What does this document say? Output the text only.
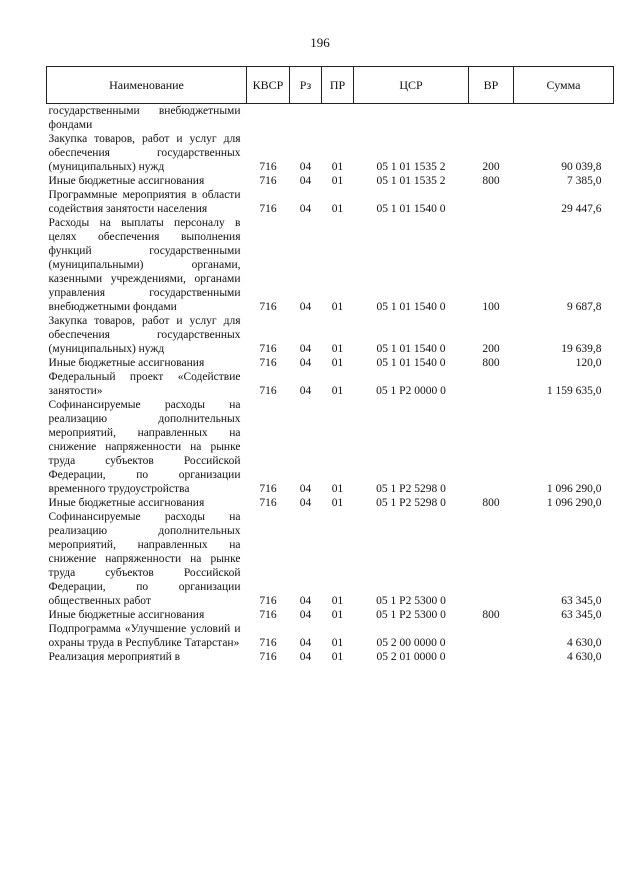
196
Наименование	КВСР	Рз	ПР	ЦСР	ВР	Сумма
государственными внебюджетными фондами						
Закупка товаров, работ и услуг для обеспечения государственных (муниципальных) нужд	716	04	01	05 1 01 1535 2	200	90 039,8
Иные бюджетные ассигнования	716	04	01	05 1 01 1535 2	800	7 385,0
Программные мероприятия в области содействия занятости населения	716	04	01	05 1 01 1540 0		29 447,6
Расходы на выплаты персоналу в целях обеспечения выполнения функций государственными (муниципальными) органами, казенными учреждениями, органами управления государственными внебюджетными фондами	716	04	01	05 1 01 1540 0	100	9 687,8
Закупка товаров, работ и услуг для обеспечения государственных (муниципальных) нужд	716	04	01	05 1 01 1540 0	200	19 639,8
Иные бюджетные ассигнования	716	04	01	05 1 01 1540 0	800	120,0
Федеральный проект «Содействие занятости»	716	04	01	05 1 P2 0000 0		1 159 635,0
Софинансируемые расходы на реализацию дополнительных мероприятий, направленных на снижение напряженности на рынке труда субъектов Российской Федерации, по организации временного трудоустройства	716	04	01	05 1 P2 5298 0		1 096 290,0
Иные бюджетные ассигнования	716	04	01	05 1 P2 5298 0	800	1 096 290,0
Софинансируемые расходы на реализацию дополнительных мероприятий, направленных на снижение напряженности на рынке труда субъектов Российской Федерации, по организации общественных работ	716	04	01	05 1 P2 5300 0		63 345,0
Иные бюджетные ассигнования	716	04	01	05 1 P2 5300 0	800	63 345,0
Подпрограмма «Улучшение условий и охраны труда в Республике Татарстан»	716	04	01	05 2 00 0000 0		4 630,0
Реализация мероприятий в	716	04	01	05 2 01 0000 0		4 630,0
